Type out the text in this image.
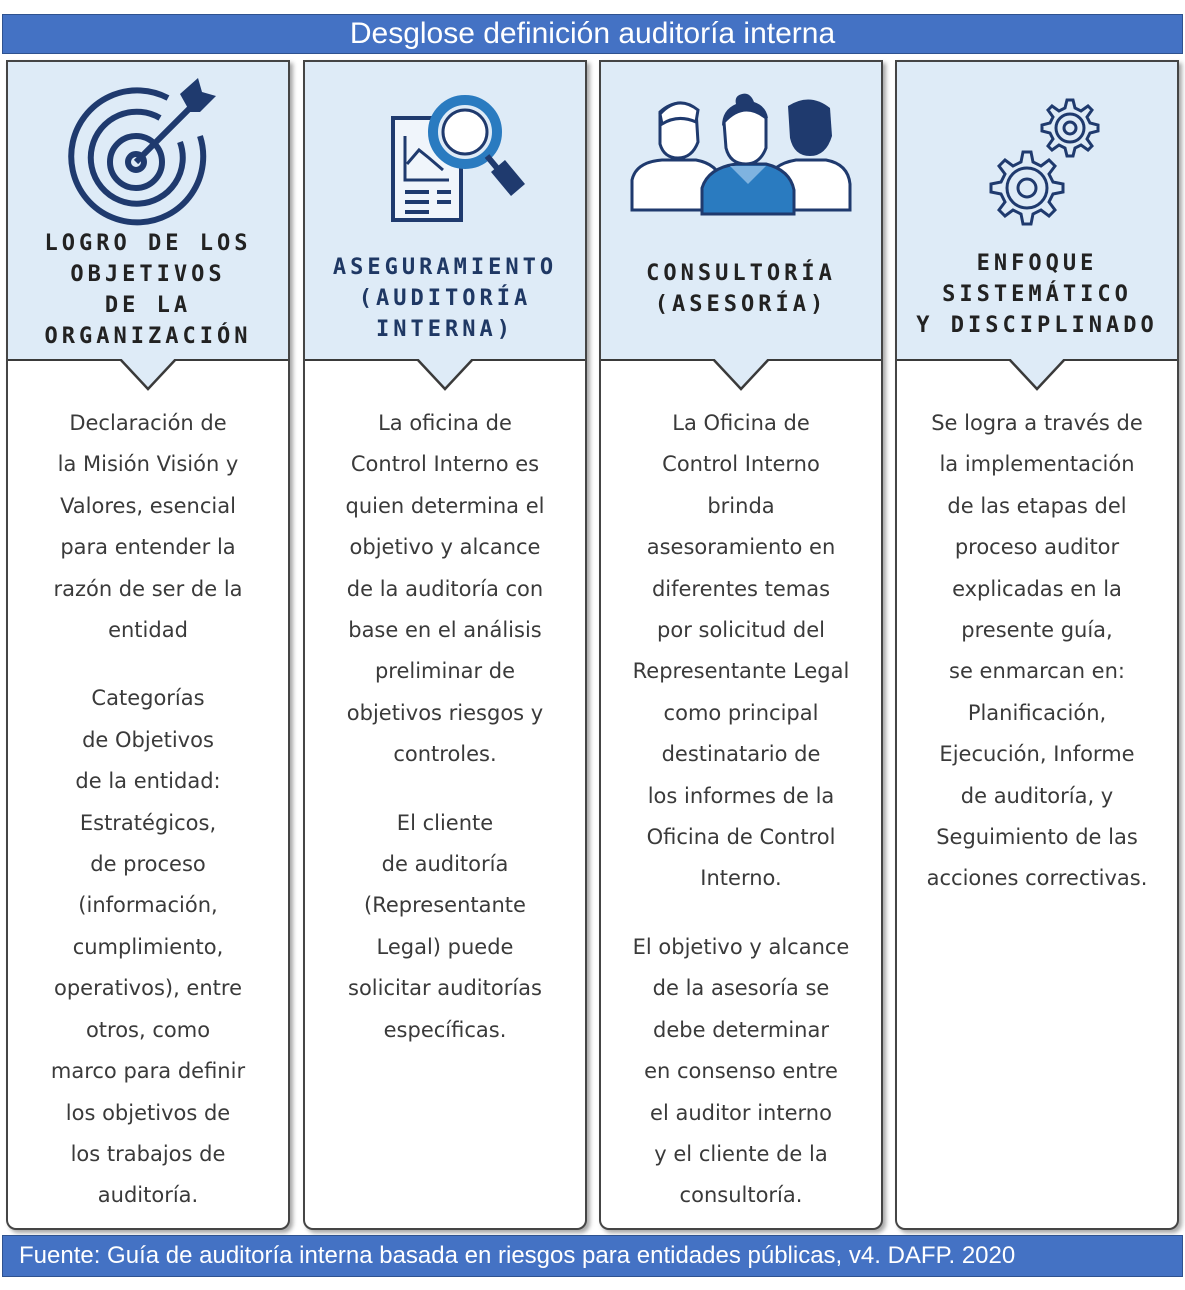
Desglose definición auditoría interna
LOGRO DE LOS
OBJETIVOS
DE LA
ORGANIZACIÓN
Declaración de
la Misión Visión y
Valores, esencial
para entender la
razón de ser de la
entidad
Categorías
de Objetivos
de la entidad:
Estratégicos,
de proceso
(información,
cumplimiento,
operativos), entre
otros, como
marco para definir
los objetivos de
los trabajos de
auditoría.
ASEGURAMIENTO
(AUDITORÍA
INTERNA)
La oficina de
Control Interno es
quien determina el
objetivo y alcance
de la auditoría con
base en el análisis
preliminar de
objetivos riesgos y
controles.
El cliente
de auditoría
(Representante
Legal) puede
solicitar auditorías
específicas.
CONSULTORÍA
(ASESORÍA)
La Oficina de
Control Interno
brinda
asesoramiento en
diferentes temas
por solicitud del
Representante Legal
como principal
destinatario de
los informes de la
Oficina de Control
Interno.
El objetivo y alcance
de la asesoría se
debe determinar
en consenso entre
el auditor interno
y el cliente de la
consultoría.
ENFOQUE
SISTEMÁTICO
Y DISCIPLINADO
Se logra a través de
la implementación
de las etapas del
proceso auditor
explicadas en la
presente guía,
se enmarcan en:
Planificación,
Ejecución, Informe
de auditoría, y
Seguimiento de las
acciones correctivas.
Fuente: Guía de auditoría interna basada en riesgos para entidades públicas, v4. DAFP. 2020
